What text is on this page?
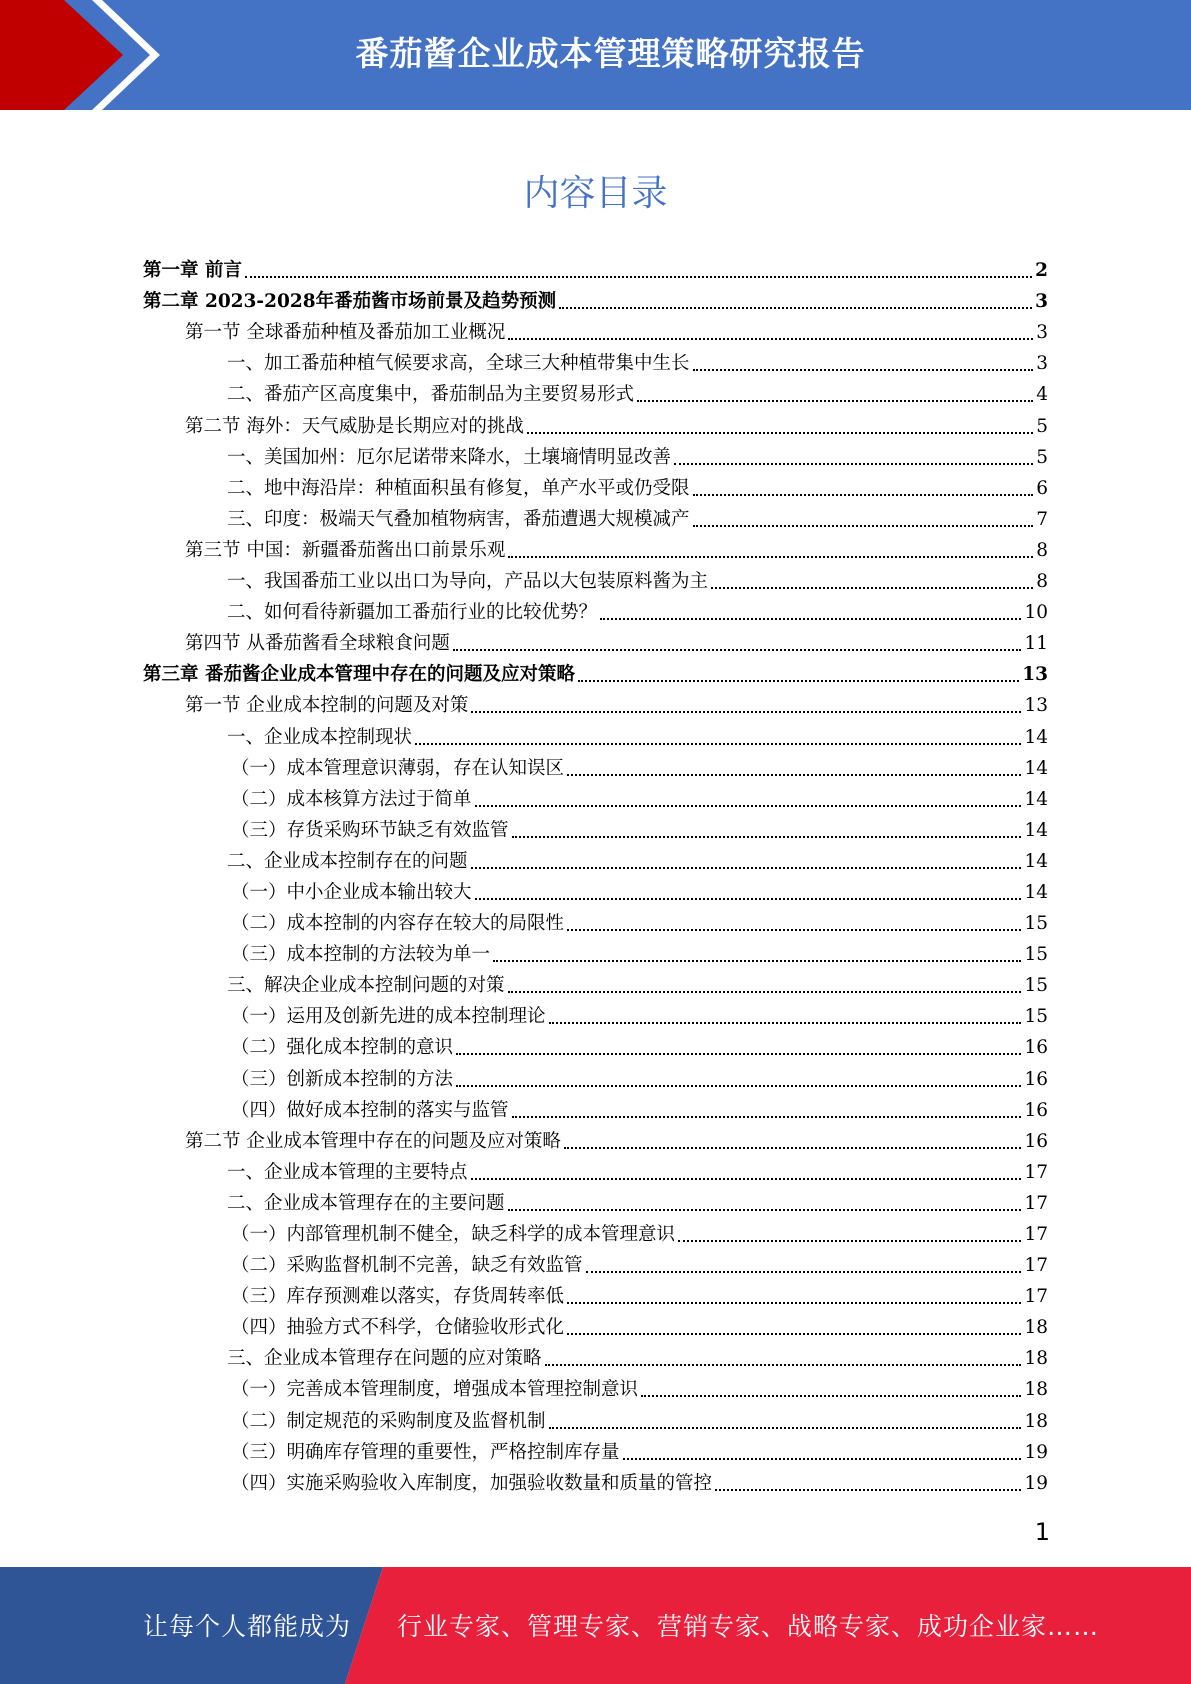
番茄酱企业成本管理策略研究报告
内容目录
第一章 前言	2
第二章 2023-2028年番茄酱市场前景及趋势预测	3
第一节 全球番茄种植及番茄加工业概况	3
一、加工番茄种植气候要求高，全球三大种植带集中生长	3
二、番茄产区高度集中，番茄制品为主要贸易形式	4
第二节 海外：天气威胁是长期应对的挑战	5
一、美国加州：厄尔尼诺带来降水，土壤墒情明显改善	5
二、地中海沿岸：种植面积虽有修复，单产水平或仍受限	6
三、印度：极端天气叠加植物病害，番茄遭遇大规模减产	7
第三节 中国：新疆番茄酱出口前景乐观	8
一、我国番茄工业以出口为导向，产品以大包装原料酱为主	8
二、如何看待新疆加工番茄行业的比较优势？	10
第四节 从番茄酱看全球粮食问题	11
第三章 番茄酱企业成本管理中存在的问题及应对策略	13
第一节 企业成本控制的问题及对策	13
一、企业成本控制现状	14
（一）成本管理意识薄弱，存在认知误区	14
（二）成本核算方法过于简单	14
（三）存货采购环节缺乏有效监管	14
二、企业成本控制存在的问题	14
（一）中小企业成本输出较大	14
（二）成本控制的内容存在较大的局限性	15
（三）成本控制的方法较为单一	15
三、解决企业成本控制问题的对策	15
（一）运用及创新先进的成本控制理论	15
（二）强化成本控制的意识	16
（三）创新成本控制的方法	16
（四）做好成本控制的落实与监管	16
第二节 企业成本管理中存在的问题及应对策略	16
一、企业成本管理的主要特点	17
二、企业成本管理存在的主要问题	17
（一）内部管理机制不健全，缺乏科学的成本管理意识	17
（二）采购监督机制不完善，缺乏有效监管	17
（三）库存预测难以落实，存货周转率低	17
（四）抽验方式不科学，仓储验收形式化	18
三、企业成本管理存在问题的应对策略	18
（一）完善成本管理制度，增强成本管理控制意识	18
（二）制定规范的采购制度及监督机制	18
（三）明确库存管理的重要性，严格控制库存量	19
（四）实施采购验收入库制度，加强验收数量和质量的管控	19
1
让每个人都能成为 行业专家、管理专家、营销专家、战略专家、成功企业家……
